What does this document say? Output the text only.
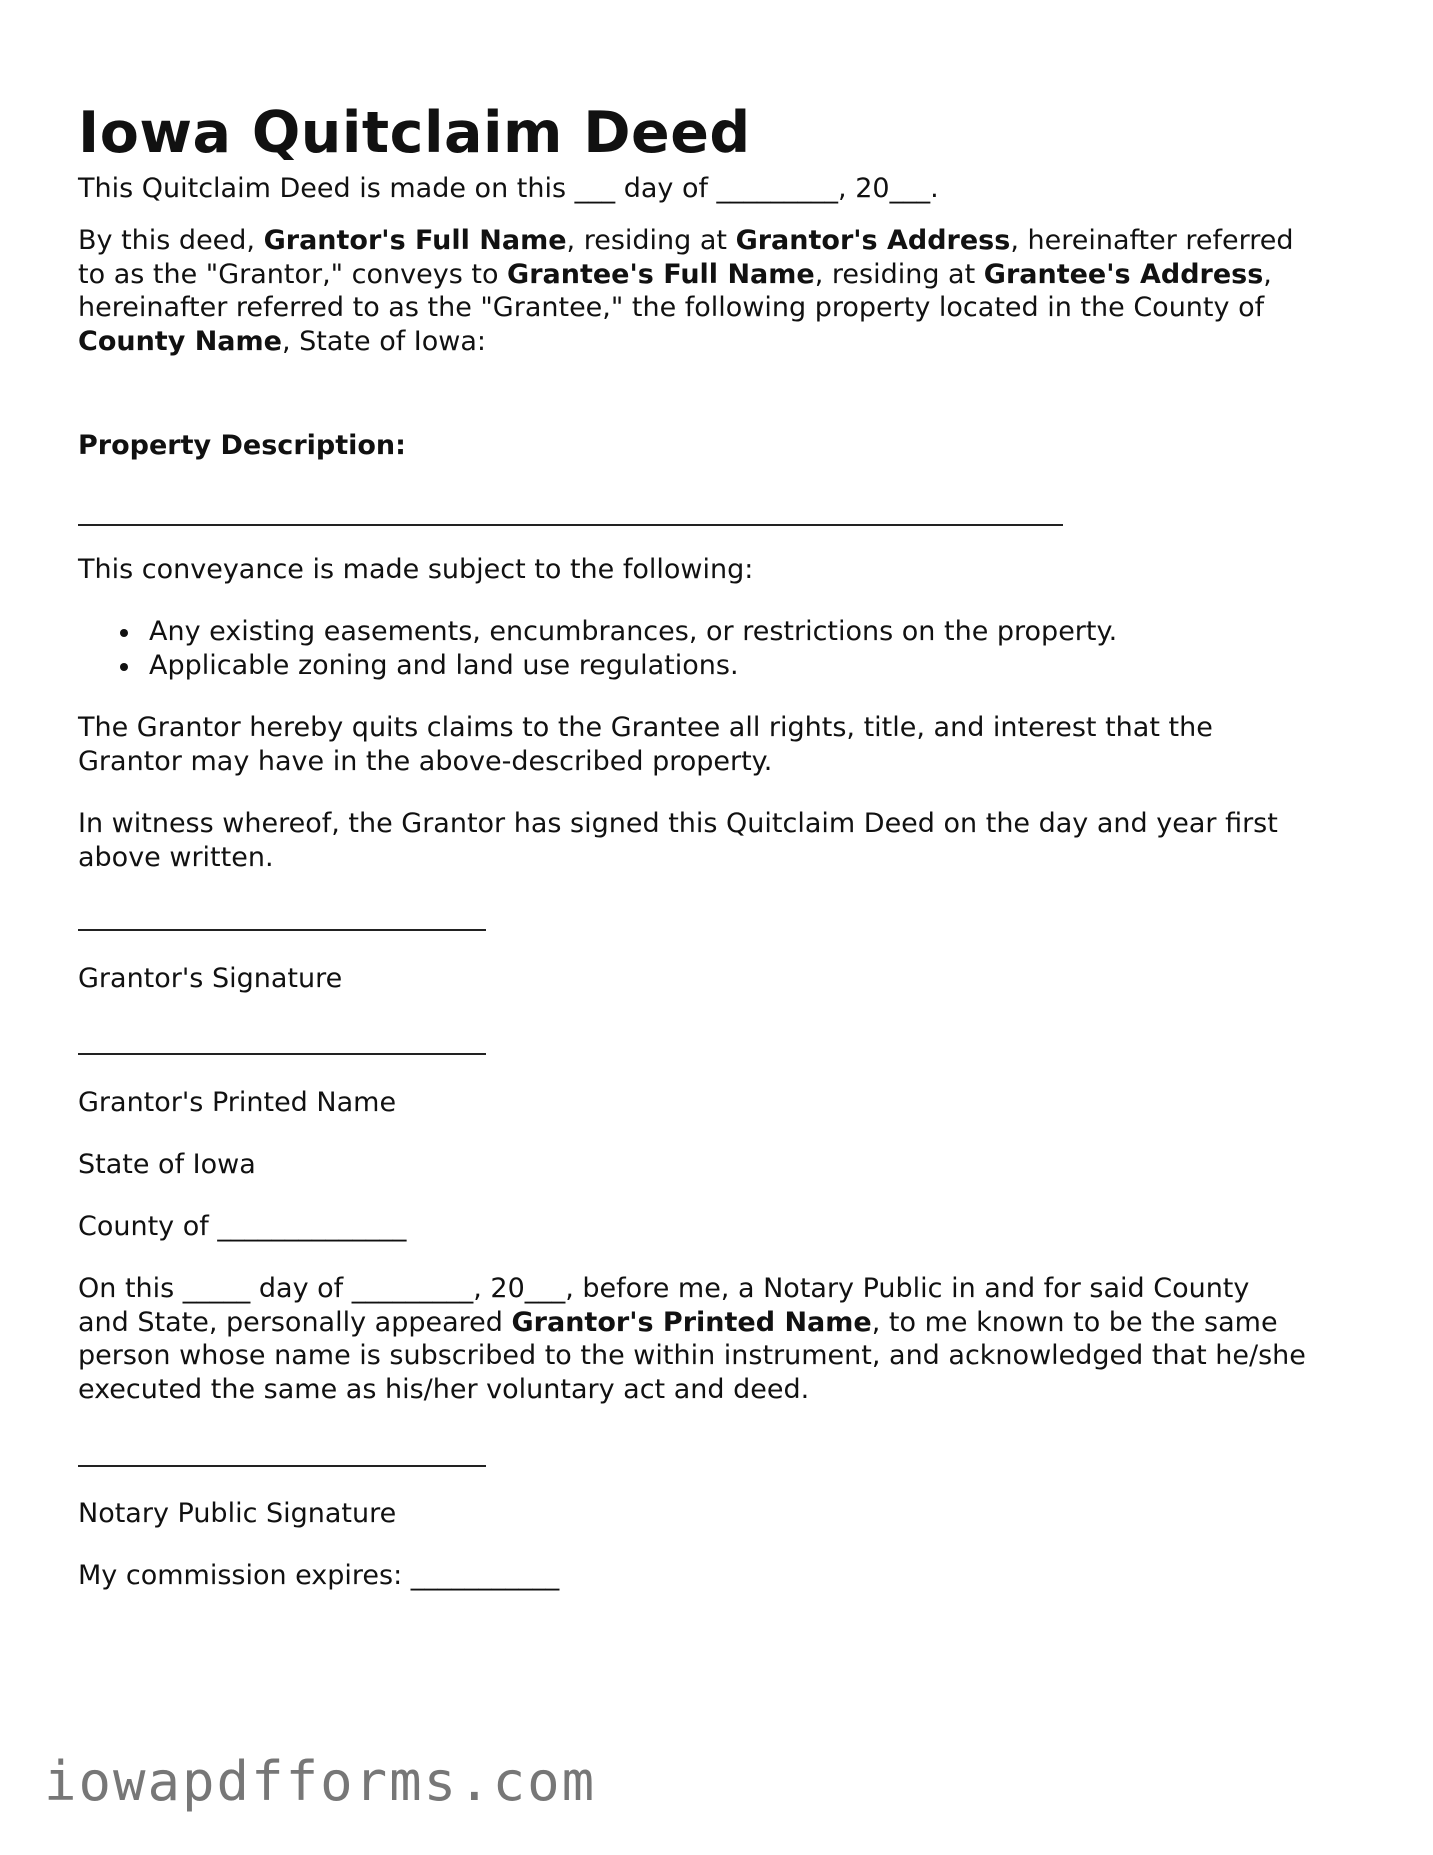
Iowa Quitclaim Deed

This Quitclaim Deed is made on this ___ day of _________, 20___.

By this deed, Grantor's Full Name, residing at Grantor's Address, hereinafter referred

to as the "Grantor," conveys to Grantee's Full Name, residing at Grantee's Address,

hereinafter referred to as the "Grantee," the following property located in the County of

County Name, State of Iowa:

Property Description:

This conveyance is made subject to the following:

Any existing easements, encumbrances, or restrictions on the property.
Applicable zoning and land use regulations.

The Grantor hereby quits claims to the Grantee all rights, title, and interest that the

Grantor may have in the above-described property.

In witness whereof, the Grantor has signed this Quitclaim Deed on the day and year first

above written.

Grantor's Signature

Grantor's Printed Name

State of Iowa

County of ______________

On this _____ day of _________, 20___, before me, a Notary Public in and for said County

and State, personally appeared Grantor's Printed Name, to me known to be the same

person whose name is subscribed to the within instrument, and acknowledged that he/she

executed the same as his/her voluntary act and deed.

Notary Public Signature

My commission expires: ___________

iowapdfforms.com
